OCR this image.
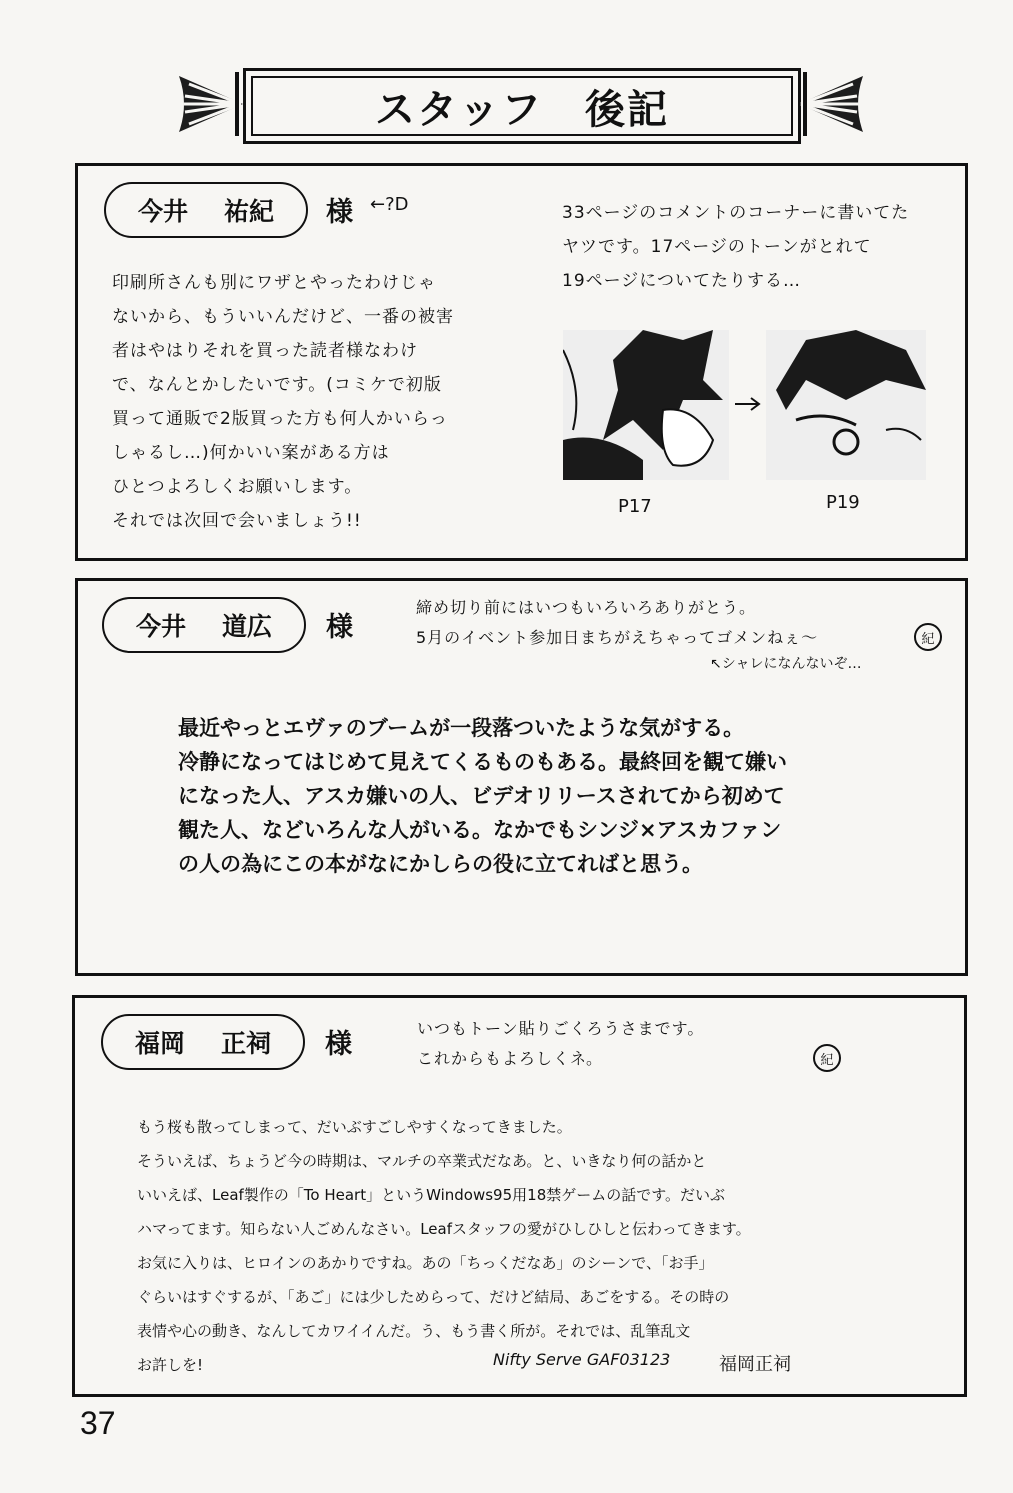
スタッフ　後記
今井 祐紀 様 ←?D	33ページのコメントのコーナーに書いてた
ヤツです。17ページのトーンがとれて
19ページについてたりする…
印刷所さんも別にワザとやったわけじゃ
ないから、もういいんだけど、一番の被害
者はやはりそれを買った読者様なわけ
で、なんとかしたいです。(コミケで初版
買って通販で2版買った方も何人かいらっ
しゃるし…)何かいい案がある方は
ひとつよろしくお願いします。
それでは次回で会いましょう!!
P17	P19
今井 道広 様
締め切り前にはいつもいろいろありがとう。
5月のイベント参加日まちがえちゃってゴメンねぇ〜
↖シャレになんないぞ…
紀
最近やっとエヴァのブームが一段落ついたような気がする。
冷静になってはじめて見えてくるものもある。最終回を観て嫌い
になった人、アスカ嫌いの人、ビデオリリースされてから初めて
観た人、などいろんな人がいる。なかでもシンジ×アスカファン
の人の為にこの本がなにかしらの役に立てればと思う。
福岡 正祠 様
いつもトーン貼りごくろうさまです。
これからもよろしくネ。	紀
もう桜も散ってしまって、だいぶすごしやすくなってきました。
そういえば、ちょうど今の時期は、マルチの卒業式だなあ。と、いきなり何の話かと
いいえば、Leaf製作の「To Heart」というWindows95用18禁ゲームの話です。だいぶ
ハマってます。知らない人ごめんなさい。Leafスタッフの愛がひしひしと伝わってきます。
お気に入りは、ヒロインのあかりですね。あの「ちっくだなあ」のシーンで、「お手」
ぐらいはすぐするが、「あご」には少しためらって、だけど結局、あごをする。その時の
表情や心の動き、なんしてカワイイんだ。う、もう書く所が。それでは、乱筆乱文
お許しを!	Nifty Serve GAF03123	福岡正祠
37
